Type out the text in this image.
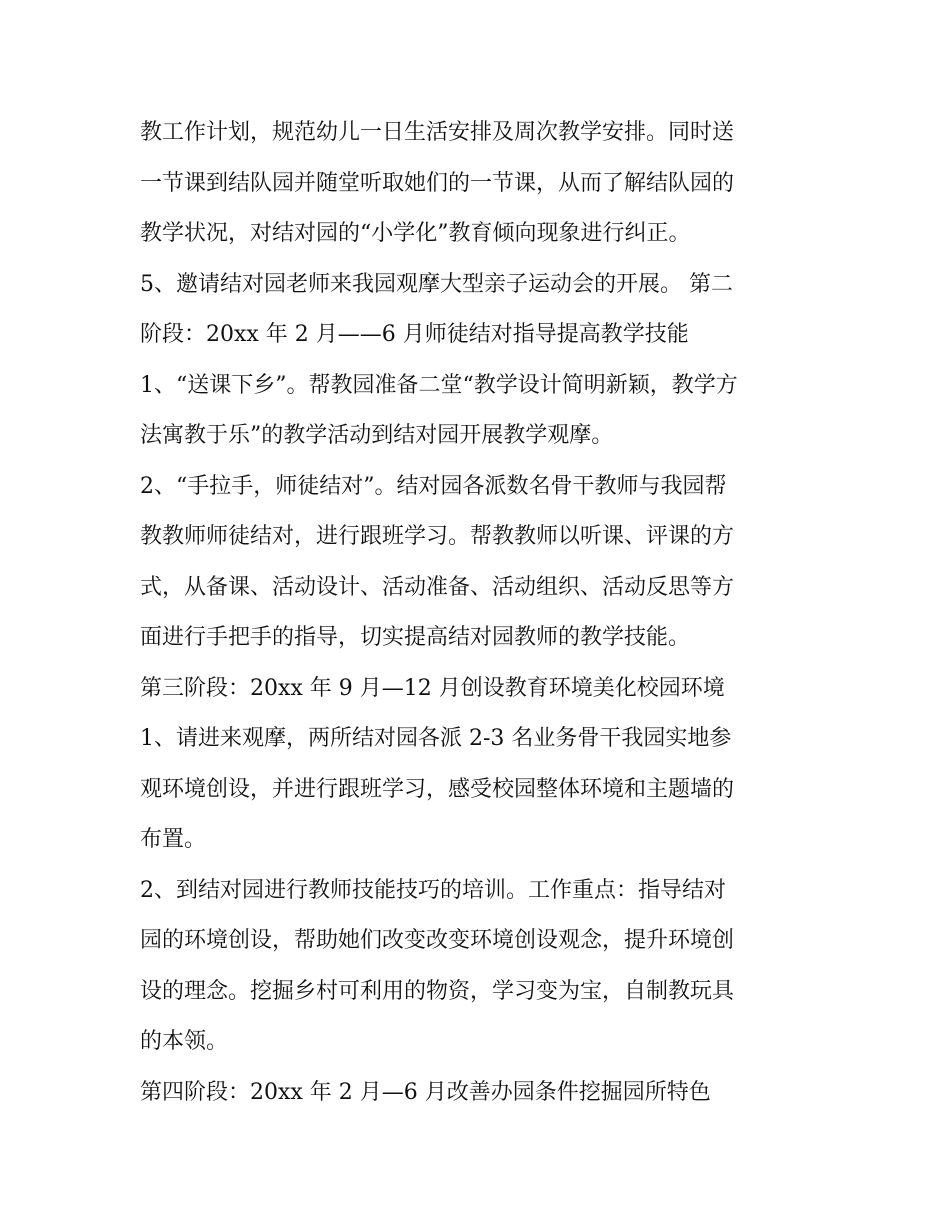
教工作计划，规范幼儿一日生活安排及周次教学安排。同时送
一节课到结队园并随堂听取她们的一节课，从而了解结队园的
教学状况，对结对园的“小学化”教育倾向现象进行纠正。
5、邀请结对园老师来我园观摩大型亲子运动会的开展。 第二
阶段：20xx 年 2 月——6 月师徒结对指导提高教学技能
1、“送课下乡”。帮教园准备二堂“教学设计简明新颖，教学方
法寓教于乐”的教学活动到结对园开展教学观摩。
2、“手拉手，师徒结对”。结对园各派数名骨干教师与我园帮
教教师师徒结对，进行跟班学习。帮教教师以听课、评课的方
式，从备课、活动设计、活动准备、活动组织、活动反思等方
面进行手把手的指导，切实提高结对园教师的教学技能。
第三阶段：20xx 年 9 月—12 月创设教育环境美化校园环境
1、请进来观摩，两所结对园各派 2-3 名业务骨干我园实地参
观环境创设，并进行跟班学习，感受校园整体环境和主题墙的
布置。
2、到结对园进行教师技能技巧的培训。工作重点：指导结对
园的环境创设，帮助她们改变改变环境创设观念，提升环境创
设的理念。挖掘乡村可利用的物资，学习变为宝，自制教玩具
的本领。
第四阶段：20xx 年 2 月—6 月改善办园条件挖掘园所特色
